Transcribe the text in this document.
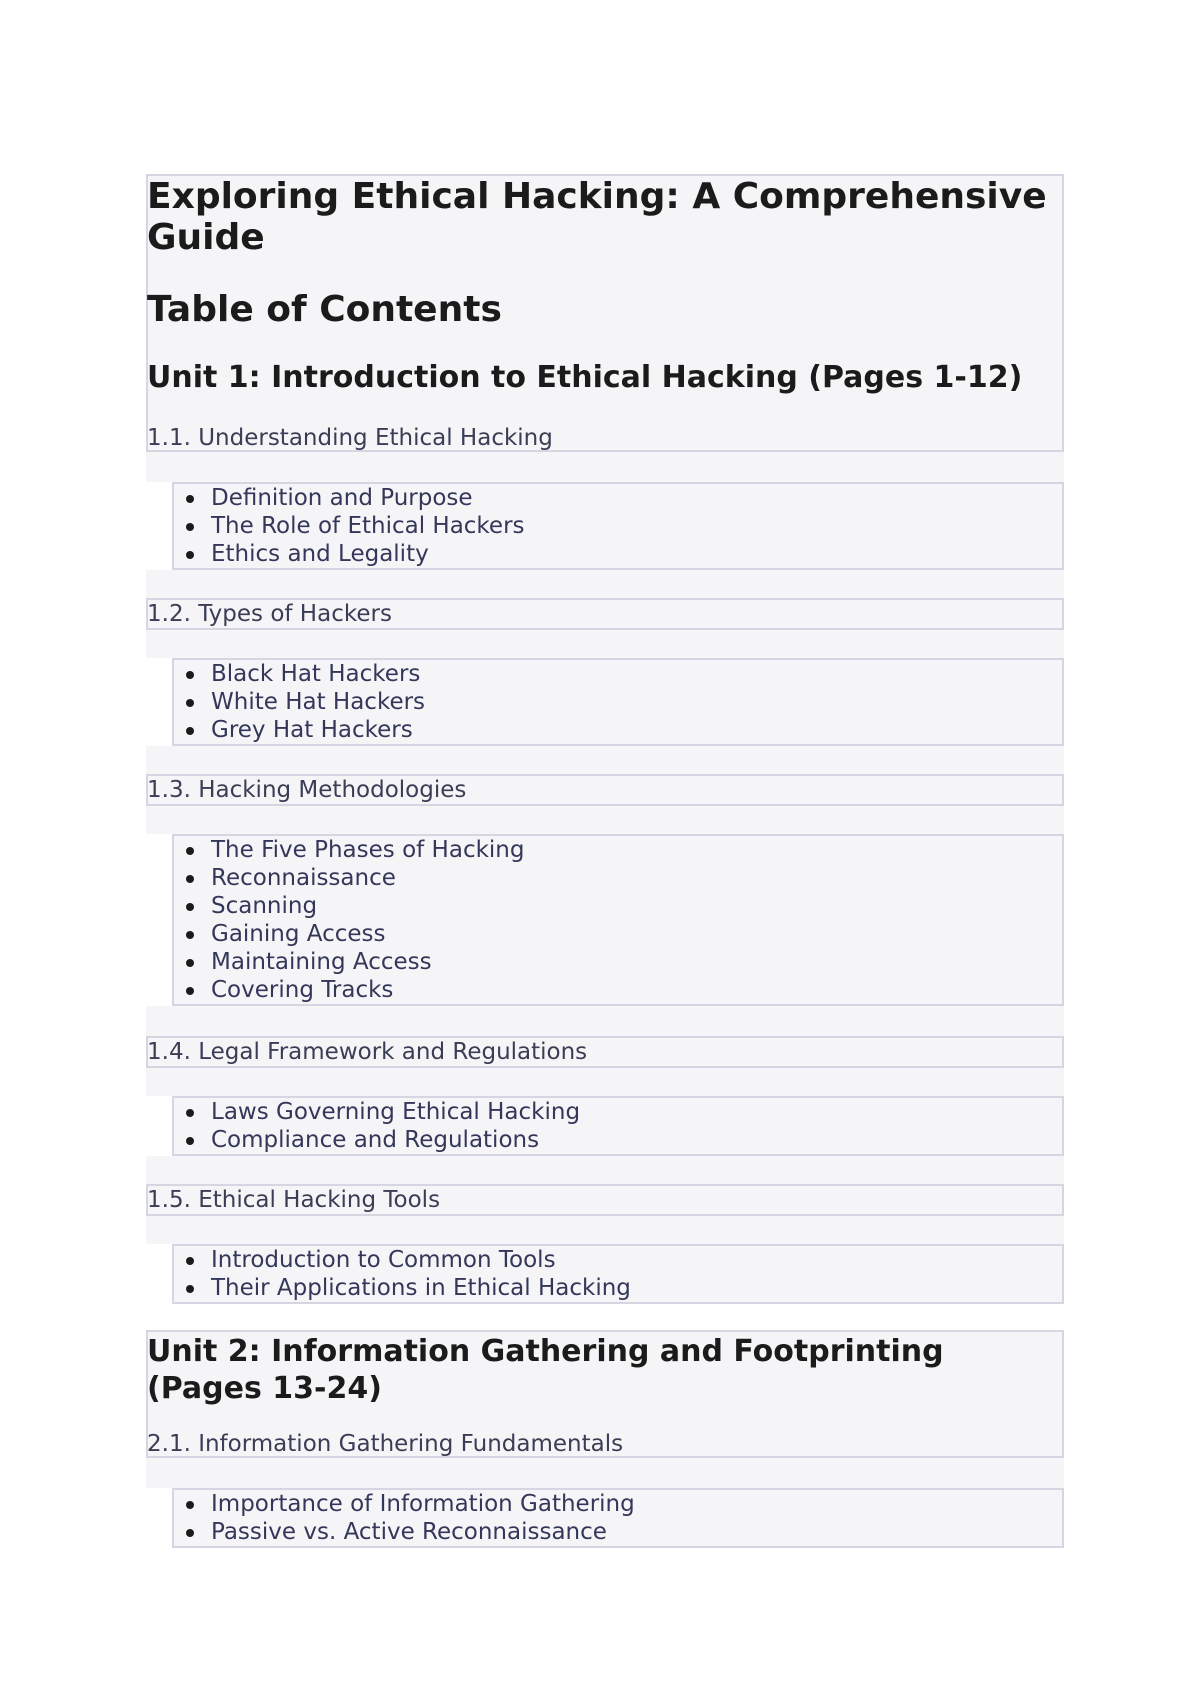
Exploring Ethical Hacking: A Comprehensive
Guide
Table of Contents
Unit 1: Introduction to Ethical Hacking (Pages 1-12)
1.1. Understanding Ethical Hacking
Definition and Purpose
The Role of Ethical Hackers
Ethics and Legality
1.2. Types of Hackers
Black Hat Hackers
White Hat Hackers
Grey Hat Hackers
1.3. Hacking Methodologies
The Five Phases of Hacking
Reconnaissance
Scanning
Gaining Access
Maintaining Access
Covering Tracks
1.4. Legal Framework and Regulations
Laws Governing Ethical Hacking
Compliance and Regulations
1.5. Ethical Hacking Tools
Introduction to Common Tools
Their Applications in Ethical Hacking
Unit 2: Information Gathering and Footprinting
(Pages 13-24)
2.1. Information Gathering Fundamentals
Importance of Information Gathering
Passive vs. Active Reconnaissance
